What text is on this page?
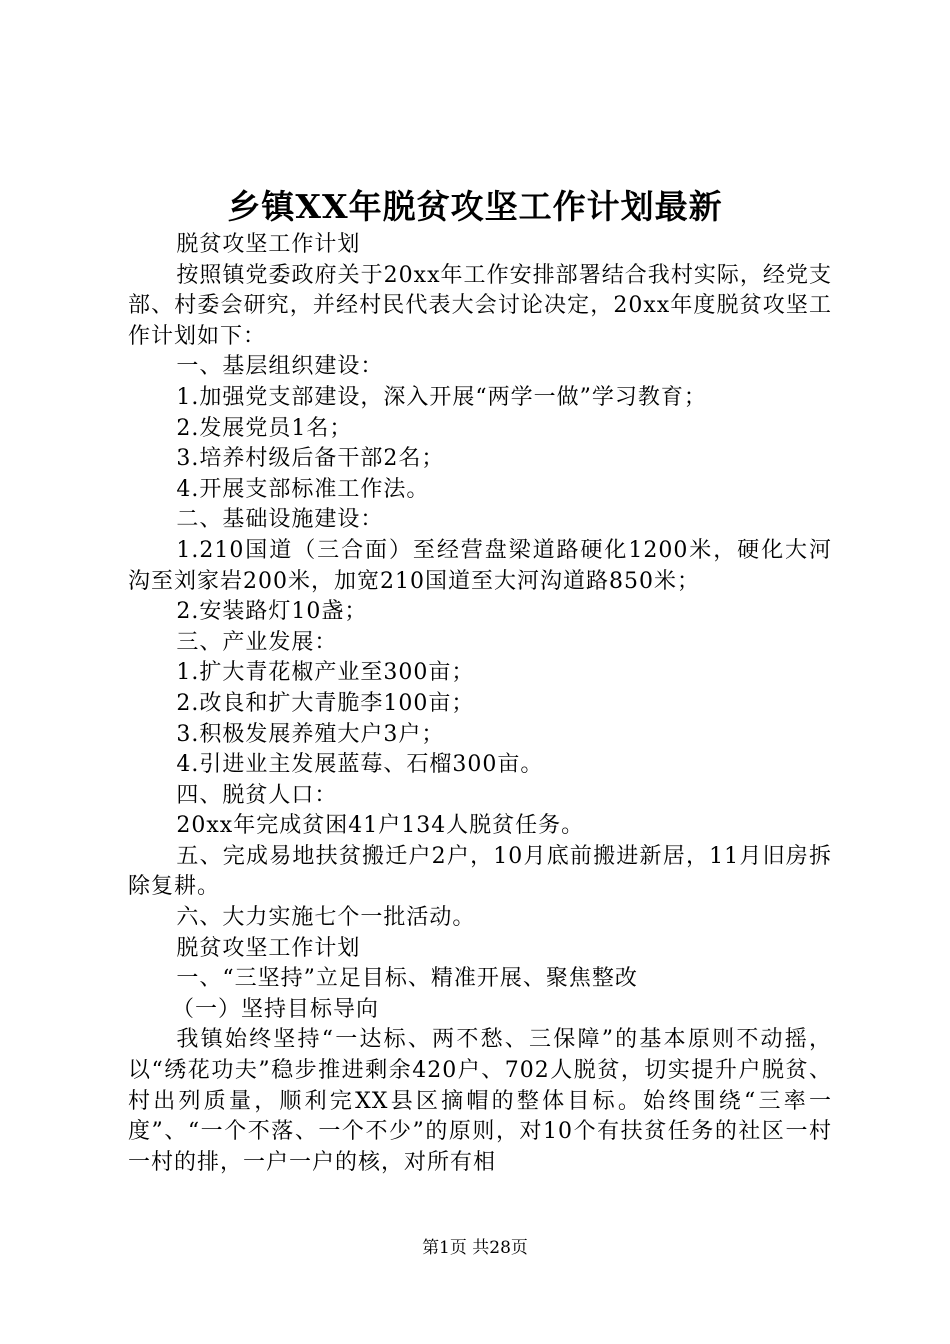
乡镇XX年脱贫攻坚工作计划最新

脱贫攻坚工作计划

按照镇党委政府关于20xx年工作安排部署结合我村实际，经党支部、村委会研究，并经村民代表大会讨论决定，20xx年度脱贫攻坚工作计划如下：

一、基层组织建设：

1.加强党支部建设，深入开展“两学一做”学习教育；

2.发展党员1名；

3.培养村级后备干部2名；

4.开展支部标准工作法。

二、基础设施建设：

1.210国道（三合面）至经营盘梁道路硬化1200米，硬化大河沟至刘家岩200米，加宽210国道至大河沟道路850米；

2.安装路灯10盏；

三、产业发展：

1.扩大青花椒产业至300亩；

2.改良和扩大青脆李100亩；

3.积极发展养殖大户3户；

4.引进业主发展蓝莓、石榴300亩。

四、脱贫人口：

20xx年完成贫困41户134人脱贫任务。

五、完成易地扶贫搬迁户2户，10月底前搬进新居，11月旧房拆除复耕。

六、大力实施七个一批活动。

脱贫攻坚工作计划

一、“三坚持”立足目标、精准开展、聚焦整改

（一）坚持目标导向

我镇始终坚持“一达标、两不愁、三保障”的基本原则不动摇，以“绣花功夫”稳步推进剩余420户、702人脱贫，切实提升户脱贫、村出列质量，顺利完XX县区摘帽的整体目标。始终围绕“三率一度”、“一个不落、一个不少”的原则，对10个有扶贫任务的社区一村一村的排，一户一户的核，对所有相

第1页 共28页
